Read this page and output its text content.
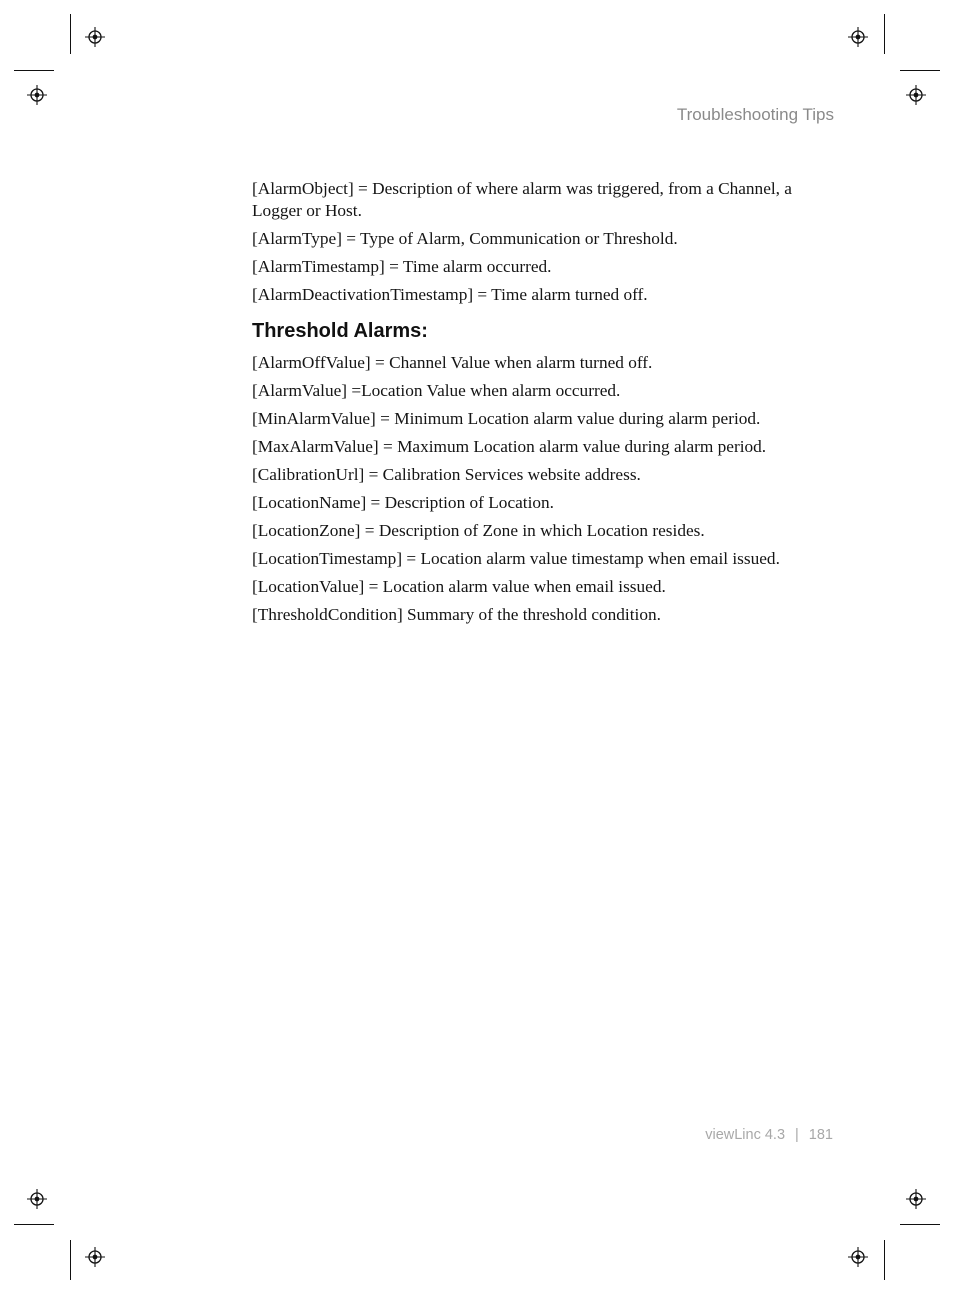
Troubleshooting Tips

[AlarmObject] = Description of where alarm was triggered, from a Channel, a Logger or Host.

[AlarmType] = Type of Alarm, Communication or Threshold.

[AlarmTimestamp] = Time alarm occurred.

[AlarmDeactivationTimestamp] = Time alarm turned off.

Threshold Alarms:

[AlarmOffValue] = Channel Value when alarm turned off.

[AlarmValue] =Location Value when alarm occurred.

[MinAlarmValue] = Minimum Location alarm value during alarm period.

[MaxAlarmValue] = Maximum Location alarm value during alarm period.

[CalibrationUrl] = Calibration Services website address.

[LocationName] = Description of Location.

[LocationZone] = Description of Zone in which Location resides.

[LocationTimestamp] = Location alarm value timestamp when email issued.

[LocationValue] = Location alarm value when email issued.

[ThresholdCondition] Summary of the threshold condition.

viewLinc 4.3 | 181
